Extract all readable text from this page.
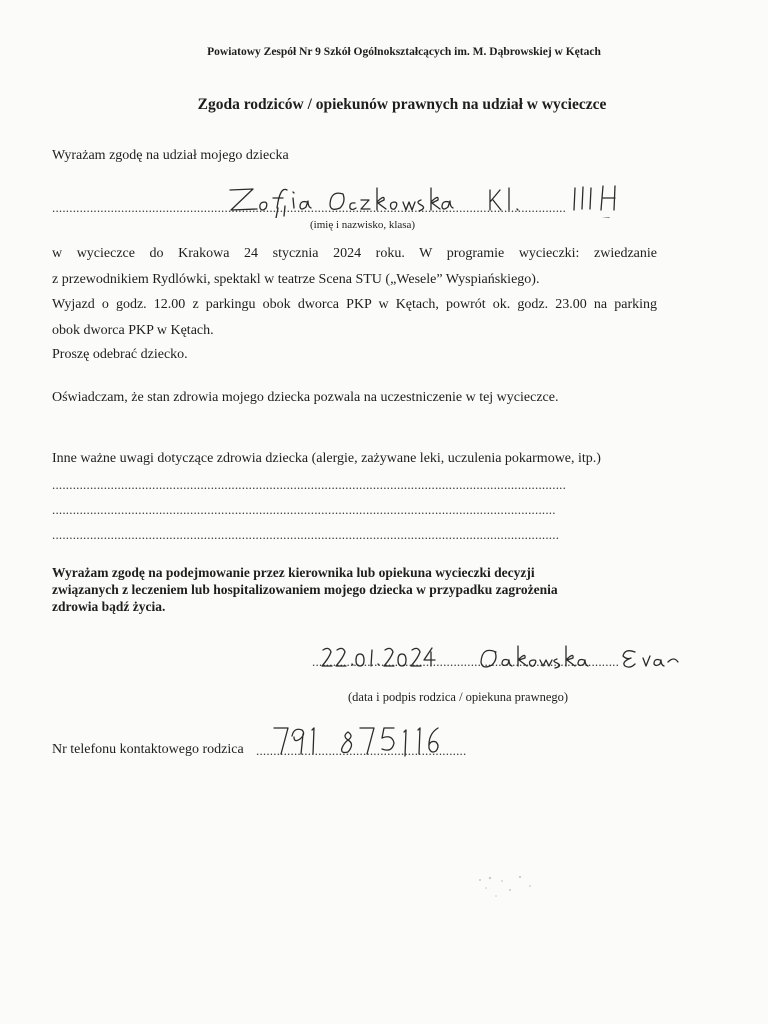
Powiatowy Zespół Nr 9 Szkół Ogólnokształcących im. M. Dąbrowskiej w Kętach
Zgoda rodziców / opiekunów prawnych na udział w wycieczce
Wyrażam zgodę na udział mojego dziecka
.....................................................................................................................................................
(imię i nazwisko, klasa)
w wycieczce do Krakowa 24 stycznia 2024 roku. W programie wycieczki: zwiedzanie
z przewodnikiem Rydlówki, spektakl w teatrze Scena STU („Wesele” Wyspiańskiego).
Wyjazd o godz. 12.00 z parkingu obok dworca PKP w Kętach, powrót ok. godz. 23.00 na parking
obok dworca PKP w Kętach.
Proszę odebrać dziecko.
Oświadczam, że stan zdrowia mojego dziecka pozwala na uczestniczenie w tej wycieczce.
Inne ważne uwagi dotyczące zdrowia dziecka (alergie, zażywane leki, uczulenia pokarmowe, itp.)
.....................................................................................................................................................
..................................................................................................................................................
...................................................................................................................................................
Wyrażam zgodę na podejmowanie przez kierownika lub opiekuna wycieczki decyzji
związanych z leczeniem lub hospitalizowaniem mojego dziecka w przypadku zagrożenia
zdrowia bądź życia.
.........................................................................................
(data i podpis rodzica / opiekuna prawnego)
Nr telefonu kontaktowego rodzica .............................................................
